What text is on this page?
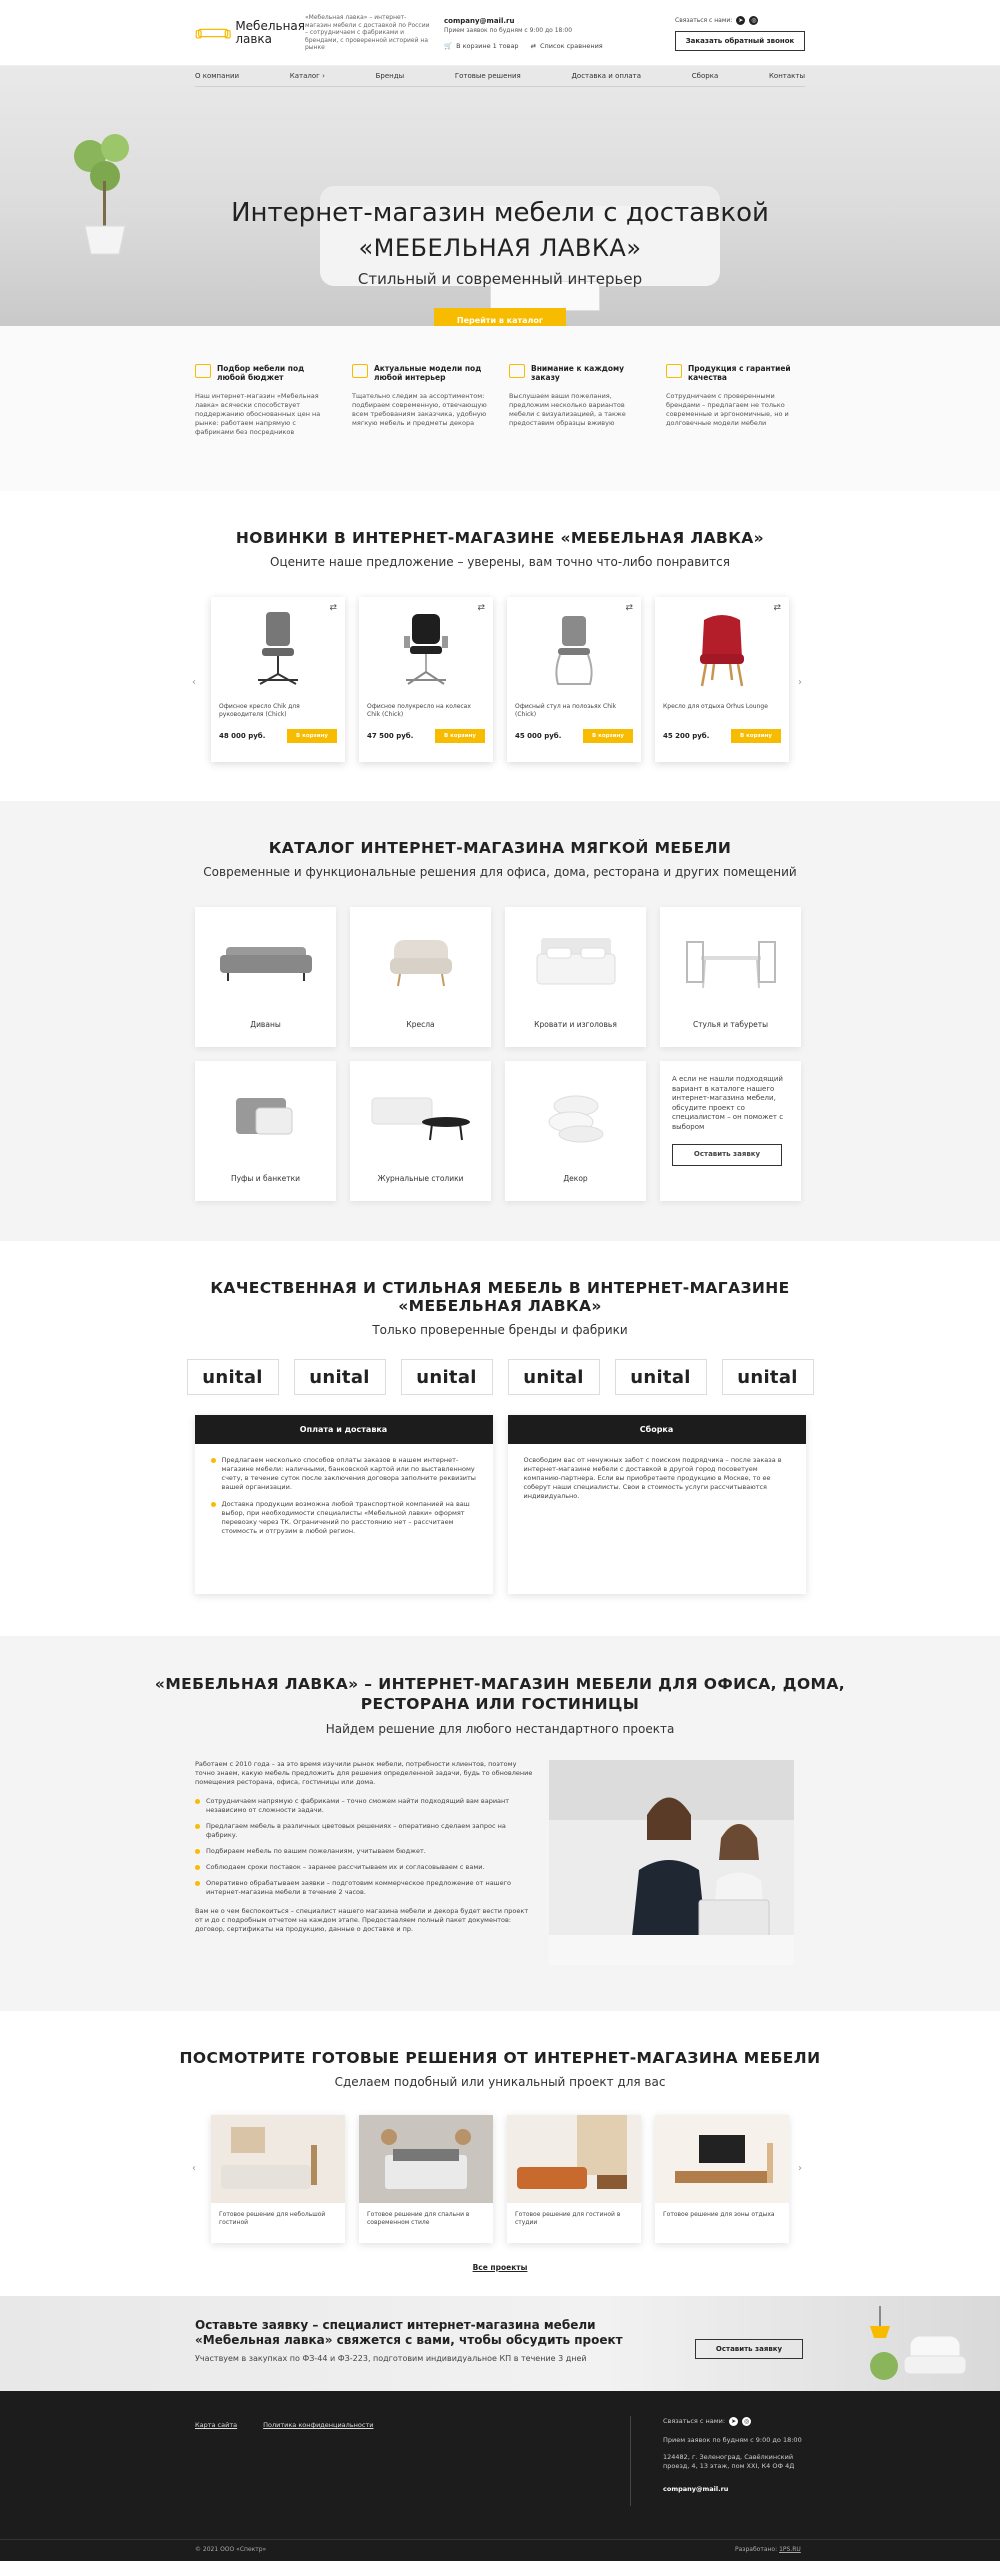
Мебельная
лавка
«Мебельная лавка» – интернет-магазин мебели с доставкой по России – сотрудничаем с фабриками и брендами, с проверенной историей на рынке
company@mail.ru
Прием заявок по будням с 9:00 до 18:00
🛒 В корзине 1 товар ⇄ Список сравнения
Связаться с нами: ➤	◎
Заказать обратный звонок
О компании	Каталог ›	Бренды	Готовые решения	Доставка и оплата	Сборка	Контакты
Интернет-магазин мебели с доставкой
«МЕБЕЛЬНАЯ ЛАВКА»
Стильный и современный интерьер
Перейти в каталог
Подбор мебели под любой бюджет

Наш интернет-магазин «Мебельная лавка» всячески способствует поддержанию обоснованных цен на рынке: работаем напрямую с фабриками без посредников

Актуальные модели под любой интерьер

Тщательно следим за ассортиментом: подбираем современную, отвечающую всем требованиям заказчика, удобную мягкую мебель и предметы декора

Внимание к каждому заказу

Выслушаем ваши пожелания, предложим несколько вариантов мебели с визуализацией, а также предоставим образцы вживую

Продукция с гарантией качества

Сотрудничаем с проверенными брендами – предлагаем не только современные и эргономичные, но и долговечные модели мебели

НОВИНКИ В ИНТЕРНЕТ-МАГАЗИНЕ «МЕБЕЛЬНАЯ ЛАВКА»
Оцените наше предложение – уверены, вам точно что-либо понравится
‹
⇄
Офисное кресло Chik для руководителя (Chick)
48 000 руб.	В корзину
⇄
Офисное полукресло на колесах Chik (Chick)
47 500 руб.	В корзину
⇄
Офисный стул на полозьях Chik (Chick)
45 000 руб.	В корзину
⇄
Кресло для отдыха Orhus Lounge
45 200 руб.	В корзину
›
КАТАЛОГ ИНТЕРНЕТ-МАГАЗИНА МЯГКОЙ МЕБЕЛИ
Современные и функциональные решения для офиса, дома, ресторана и других помещений
Диваны	Кресла	Кровати и изголовья	Стулья и табуреты
Пуфы и банкетки	Журнальные столики	Декор
А если не нашли подходящий вариант в каталоге нашего интернет-магазина мебели, обсудите проект со специалистом – он поможет с выбором
Оставить заявку
КАЧЕСТВЕННАЯ И СТИЛЬНАЯ МЕБЕЛЬ В ИНТЕРНЕТ-МАГАЗИНЕ
«МЕБЕЛЬНАЯ ЛАВКА»
Только проверенные бренды и фабрики
unital	unital	unital	unital	unital	unital
Оплата и доставка
Предлагаем несколько способов оплаты заказов в нашем интернет-магазине мебели: наличными, банковской картой или по выставленному счету, в течение суток после заключения договора заполните реквизиты вашей организации.
Доставка продукции возможна любой транспортной компанией на ваш выбор, при необходимости специалисты «Мебельной лавки» оформят перевозку через ТК. Ограничений по расстоянию нет – рассчитаем стоимость и отгрузим в любой регион.
Сборка
Освободим вас от ненужных забот с поиском подрядчика – после заказа в интернет-магазине мебели с доставкой в другой город посоветуем компанию-партнера. Если вы приобретаете продукцию в Москве, то ее соберут наши специалисты. Свои в стоимость услуги рассчитываются индивидуально.
«МЕБЕЛЬНАЯ ЛАВКА» – ИНТЕРНЕТ-МАГАЗИН МЕБЕЛИ ДЛЯ ОФИСА, ДОМА,
РЕСТОРАНА ИЛИ ГОСТИНИЦЫ
Найдем решение для любого нестандартного проекта

Работаем с 2010 года – за это время изучили рынок мебели, потребности клиентов, поэтому точно знаем, какую мебель предложить для решения определенной задачи, будь то обновление помещения ресторана, офиса, гостиницы или дома.

Сотрудничаем напрямую с фабриками – точно сможем найти подходящий вам вариант независимо от сложности задачи.
Предлагаем мебель в различных цветовых решениях – оперативно сделаем запрос на фабрику.
Подбираем мебель по вашим пожеланиям, учитываем бюджет.
Соблюдаем сроки поставок – заранее рассчитываем их и согласовываем с вами.
Оперативно обрабатываем заявки – подготовим коммерческое предложение от нашего интернет-магазина мебели в течение 2 часов.

Вам не о чем беспокоиться – специалист нашего магазина мебели и декора будет вести проект от и до с подробным отчетом на каждом этапе. Предоставляем полный пакет документов: договор, сертификаты на продукцию, данные о доставке и пр.

ПОСМОТРИТЕ ГОТОВЫЕ РЕШЕНИЯ ОТ ИНТЕРНЕТ-МАГАЗИНА МЕБЕЛИ
Сделаем подобный или уникальный проект для вас
‹
Готовое решение для небольшой гостиной
Готовое решение для спальни в современном стиле
Готовое решение для гостиной в студии
Готовое решение для зоны отдыха
›
Все проекты
Оставьте заявку – специалист интернет-магазина мебели
«Мебельная лавка» свяжется с вами, чтобы обсудить проект
Участвуем в закупках по ФЗ-44 и ФЗ-223, подготовим индивидуальное КП в течение 3 дней
Оставить заявку
Карта сайта	Политика конфиденциальности	Связаться с нами: ➤	◎
Прием заявок по будням с 9:00 до 18:00
124482, г. Зеленоград, Савёлкинский проезд, 4, 13 этаж, пом XXI, К4 ОФ 4Д
company@mail.ru
© 2021 ООО «Спектр»	Разработано: 1PS.RU
